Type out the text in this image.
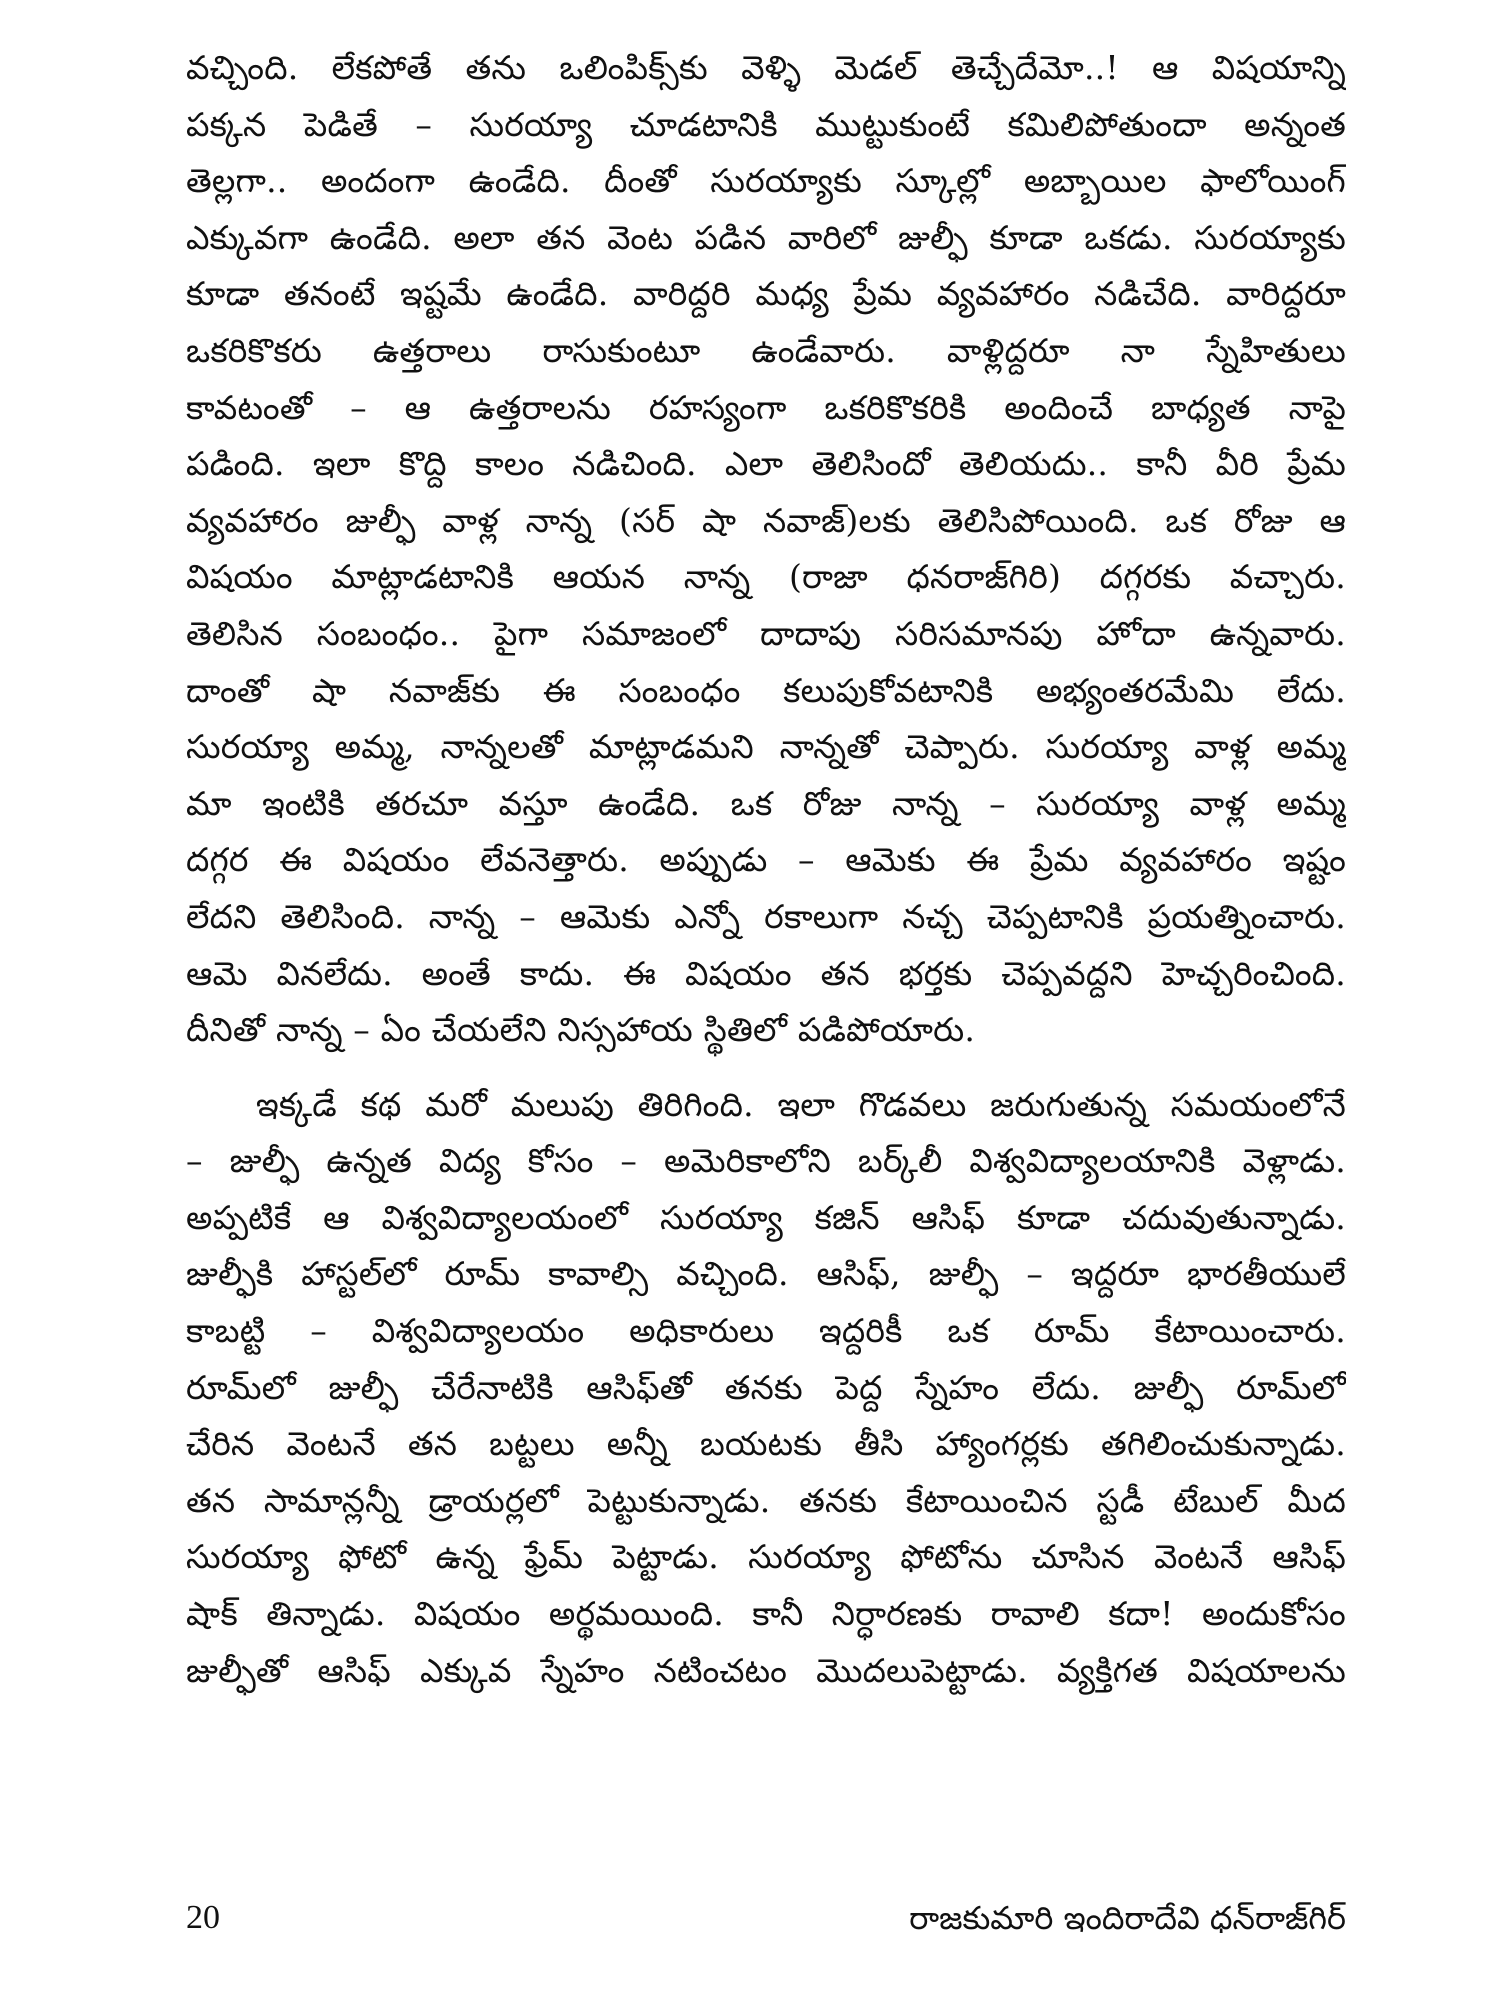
వచ్చింది. లేకపోతే తను ఒలింపిక్స్‌కు వెళ్ళి మెడల్ తెచ్చేదేమో..! ఆ విషయాన్ని
పక్కన పెడితే – సురయ్యా చూడటానికి ముట్టుకుంటే కమిలిపోతుందా అన్నంత
తెల్లగా.. అందంగా ఉండేది. దీంతో సురయ్యాకు స్కూల్లో అబ్బాయిల ఫాలోయింగ్
ఎక్కువగా ఉండేది. అలా తన వెంట పడిన వారిలో జుల్ఫీ కూడా ఒకడు. సురయ్యాకు
కూడా తనంటే ఇష్టమే ఉండేది. వారిద్దరి మధ్య ప్రేమ వ్యవహారం నడిచేది. వారిద్దరూ
ఒకరికొకరు ఉత్తరాలు రాసుకుంటూ ఉండేవారు. వాళ్లిద్దరూ నా స్నేహితులు
కావటంతో – ఆ ఉత్తరాలను రహస్యంగా ఒకరికొకరికి అందించే బాధ్యత నాపై
పడింది. ఇలా కొద్ది కాలం నడిచింది. ఎలా తెలిసిందో తెలియదు.. కానీ వీరి ప్రేమ
వ్యవహారం జుల్ఫీ వాళ్ల నాన్న (సర్ షా నవాజ్)లకు తెలిసిపోయింది. ఒక రోజు ఆ
విషయం మాట్లాడటానికి ఆయన నాన్న (రాజా ధనరాజ్‌గిరి) దగ్గరకు వచ్చారు.
తెలిసిన సంబంధం.. పైగా సమాజంలో దాదాపు సరిసమానపు హోదా ఉన్నవారు.
దాంతో షా నవాజ్‌కు ఈ సంబంధం కలుపుకోవటానికి అభ్యంతరమేమి లేదు.
సురయ్యా అమ్మ, నాన్నలతో మాట్లాడమని నాన్నతో చెప్పారు. సురయ్యా వాళ్ల అమ్మ
మా ఇంటికి తరచూ వస్తూ ఉండేది. ఒక రోజు నాన్న – సురయ్యా వాళ్ల అమ్మ
దగ్గర ఈ విషయం లేవనెత్తారు. అప్పుడు – ఆమెకు ఈ ప్రేమ వ్యవహారం ఇష్టం
లేదని తెలిసింది. నాన్న – ఆమెకు ఎన్నో రకాలుగా నచ్చ చెప్పటానికి ప్రయత్నించారు.
ఆమె వినలేదు. అంతే కాదు. ఈ విషయం తన భర్తకు చెప్పవద్దని హెచ్చరించింది.
దీనితో నాన్న – ఏం చేయలేని నిస్సహాయ స్థితిలో పడిపోయారు.
ఇక్కడే కథ మరో మలుపు తిరిగింది. ఇలా గొడవలు జరుగుతున్న సమయంలోనే
– జుల్ఫీ ఉన్నత విద్య కోసం – అమెరికాలోని బర్క్‌లీ విశ్వవిద్యాలయానికి వెళ్లాడు.
అప్పటికే ఆ విశ్వవిద్యాలయంలో సురయ్యా కజిన్ ఆసిఫ్ కూడా చదువుతున్నాడు.
జుల్ఫీకి హాస్టల్‌లో రూమ్ కావాల్సి వచ్చింది. ఆసిఫ్, జుల్ఫీ – ఇద్దరూ భారతీయులే
కాబట్టి – విశ్వవిద్యాలయం అధికారులు ఇద్దరికీ ఒక రూమ్ కేటాయించారు.
రూమ్‌లో జుల్ఫీ చేరేనాటికి ఆసిఫ్‌తో తనకు పెద్ద స్నేహం లేదు. జుల్ఫీ రూమ్‌లో
చేరిన వెంటనే తన బట్టలు అన్నీ బయటకు తీసి హ్యాంగర్లకు తగిలించుకున్నాడు.
తన సామాన్లన్నీ డ్రాయర్లలో పెట్టుకున్నాడు. తనకు కేటాయించిన స్టడీ టేబుల్ మీద
సురయ్యా ఫోటో ఉన్న ఫ్రేమ్ పెట్టాడు. సురయ్యా ఫోటోను చూసిన వెంటనే ఆసిఫ్
షాక్ తిన్నాడు. విషయం అర్థమయింది. కానీ నిర్ధారణకు రావాలి కదా! అందుకోసం
జుల్ఫీతో ఆసిఫ్ ఎక్కువ స్నేహం నటించటం మొదలుపెట్టాడు. వ్యక్తిగత విషయాలను
20	రాజకుమారి ఇందిరాదేవి ధన్‌రాజ్‌గిర్
